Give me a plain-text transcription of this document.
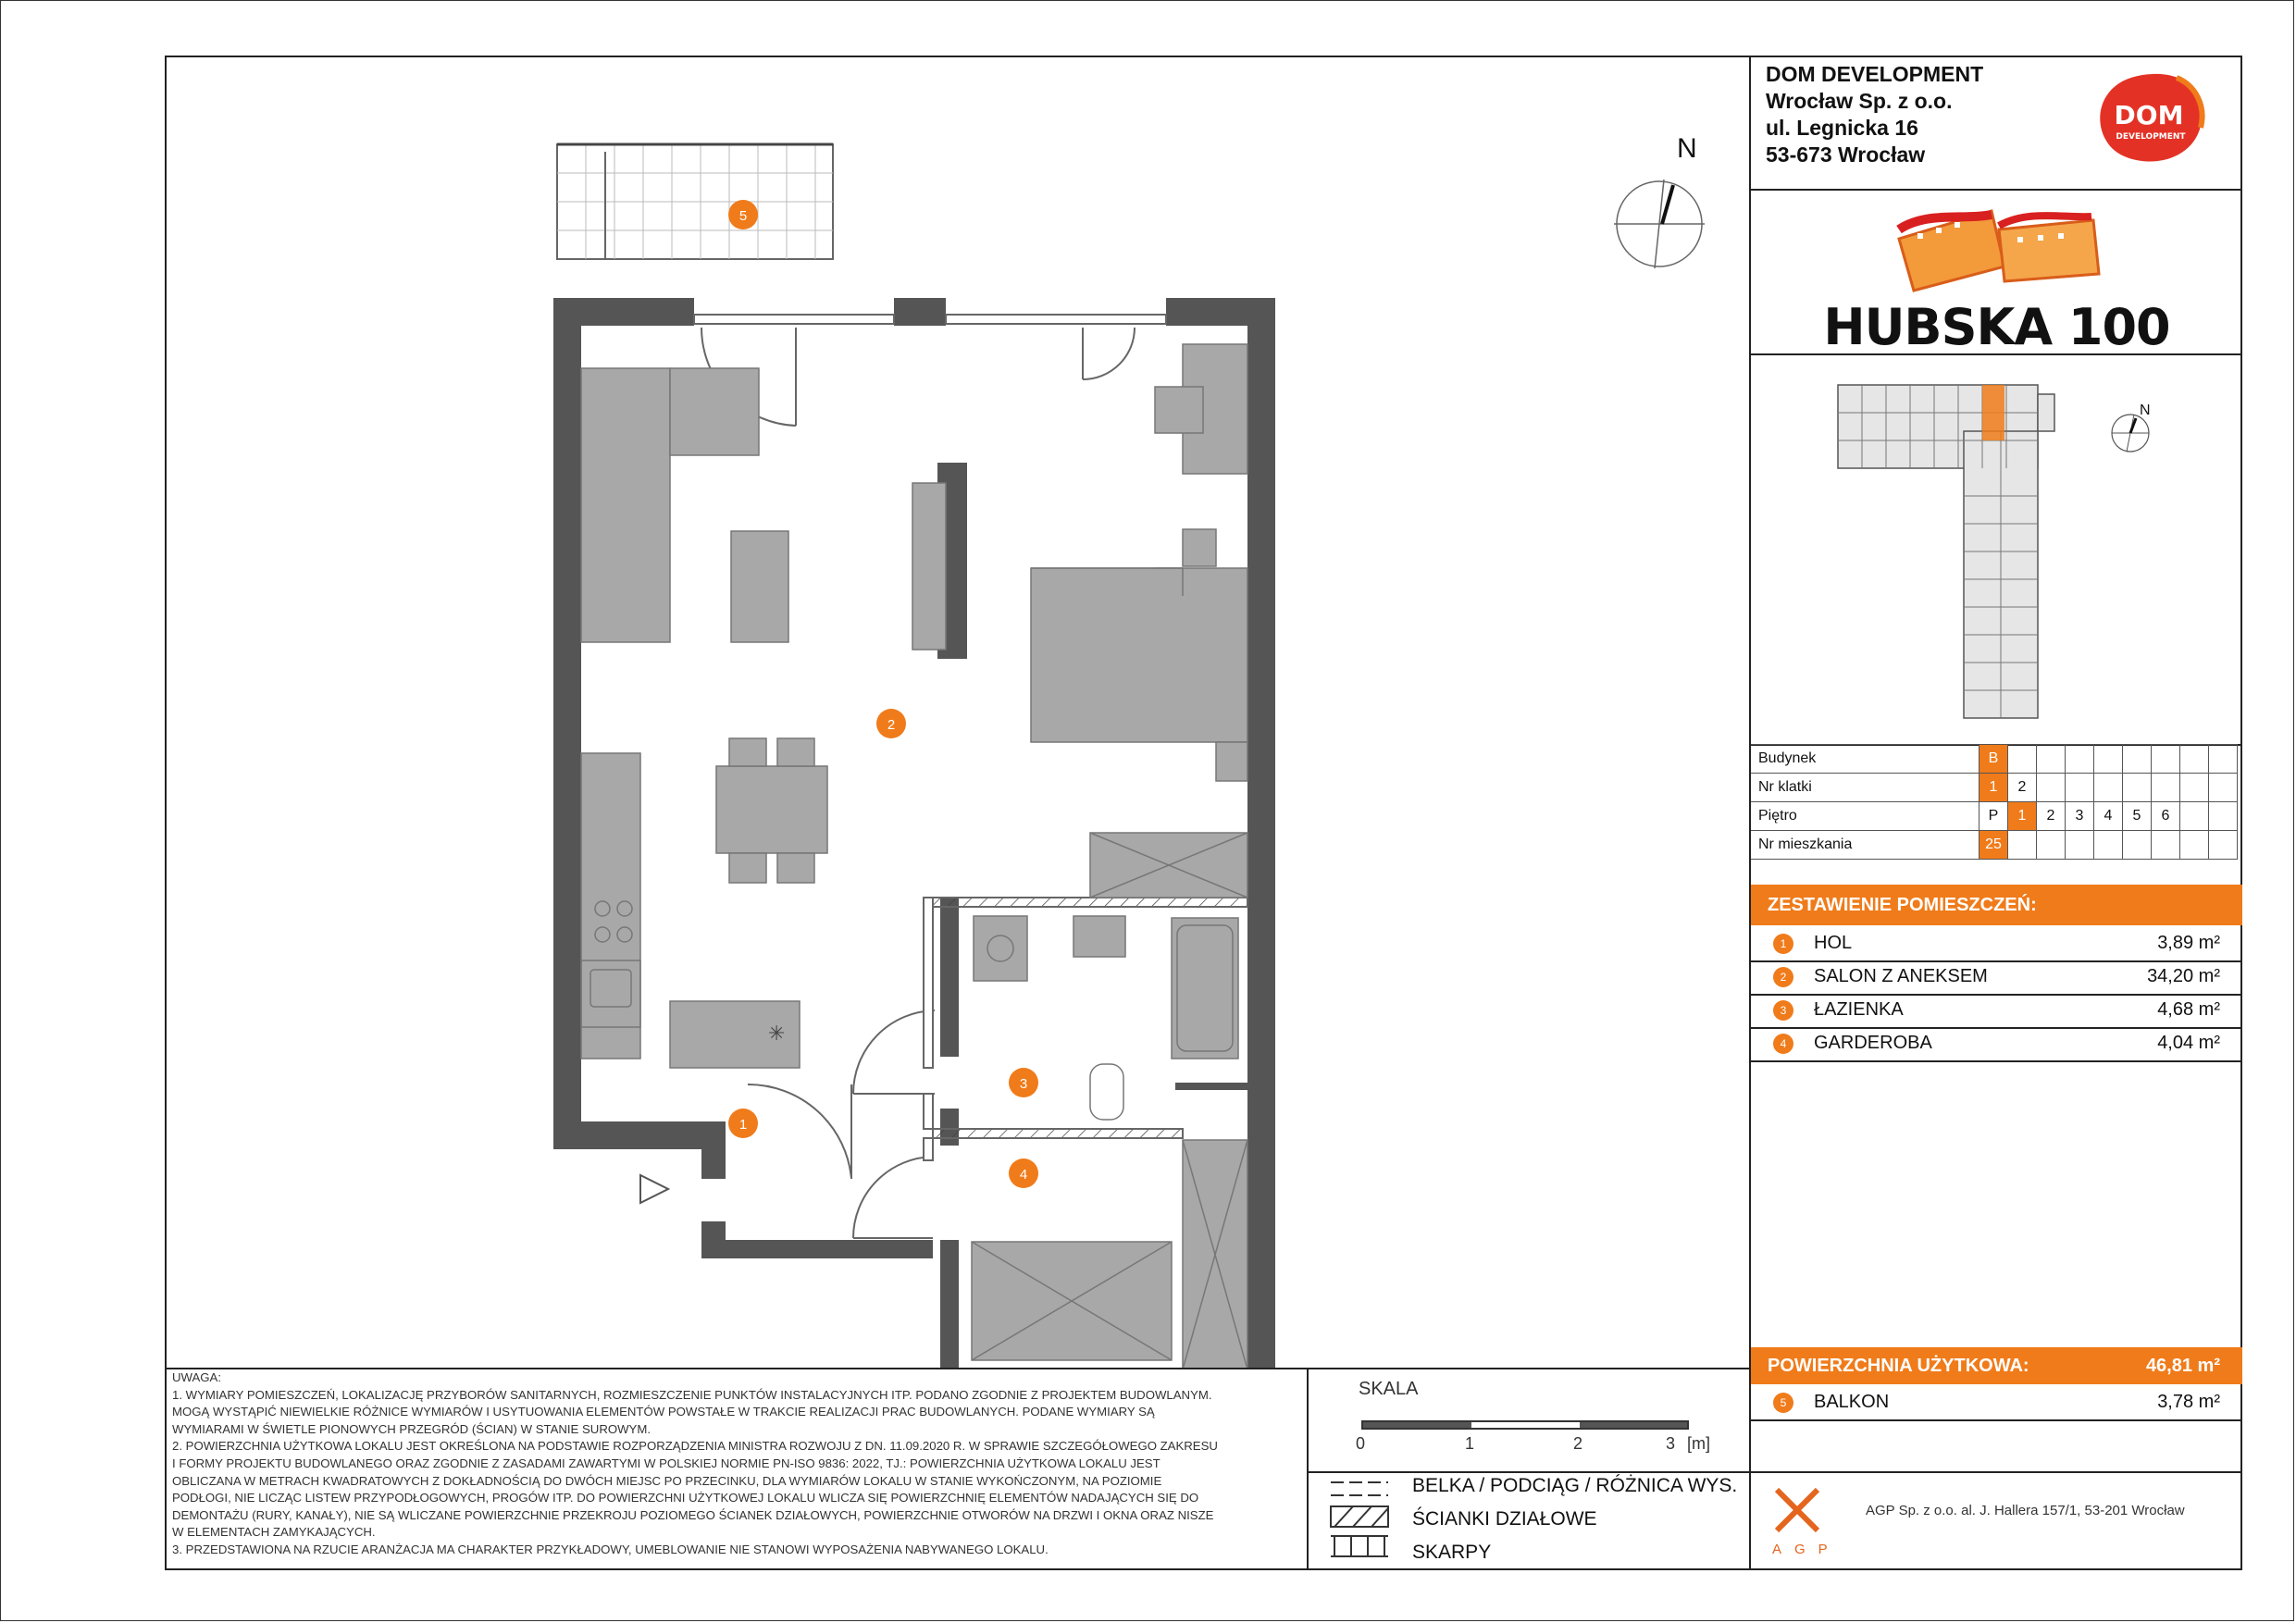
✳
N
1
2
3
4
5
UWAGA:
1. WYMIARY POMIESZCZEŃ, LOKALIZACJĘ PRZYBORÓW SANITARNYCH, ROZMIESZCZENIE PUNKTÓW INSTALACYJNYCH ITP. PODANO ZGODNIE Z PROJEKTEM BUDOWLANYM.
MOGĄ WYSTĄPIĆ NIEWIELKIE RÓŻNICE WYMIARÓW I USYTUOWANIA ELEMENTÓW POWSTAŁE W TRAKCIE REALIZACJI PRAC BUDOWLANYCH. PODANE WYMIARY SĄ
WYMIARAMI W ŚWIETLE PIONOWYCH PRZEGRÓD (ŚCIAN) W STANIE SUROWYM.
2. POWIERZCHNIA UŻYTKOWA LOKALU JEST OKREŚLONA NA PODSTAWIE ROZPORZĄDZENIA MINISTRA ROZWOJU Z DN. 11.09.2020 R. W SPRAWIE SZCZEGÓŁOWEGO ZAKRESU
I FORMY PROJEKTU BUDOWLANEGO ORAZ ZGODNIE Z ZASADAMI ZAWARTYMI W POLSKIEJ NORMIE PN-ISO 9836: 2022, TJ.: POWIERZCHNIA UŻYTKOWA LOKALU JEST
OBLICZANA W METRACH KWADRATOWYCH Z DOKŁADNOŚCIĄ DO DWÓCH MIEJSC PO PRZECINKU, DLA WYMIARÓW LOKALU W STANIE WYKOŃCZONYM, NA POZIOMIE
PODŁOGI, NIE LICZĄC LISTEW PRZYPODŁOGOWYCH, PROGÓW ITP. DO POWIERZCHNI UŻYTKOWEJ LOKALU WLICZA SIĘ POWIERZCHNIĘ ELEMENTÓW NADAJĄCYCH SIĘ DO
DEMONTAŻU (RURY, KANAŁY), NIE SĄ WLICZANE POWIERZCHNIE PRZEKROJU POZIOMEGO ŚCIANEK DZIAŁOWYCH, POWIERZCHNIE OTWORÓW NA DRZWI I OKNA ORAZ NISZE
W ELEMENTACH ZAMYKAJĄCYCH.
3. PRZEDSTAWIONA NA RZUCIE ARANŻACJA MA CHARAKTER PRZYKŁADOWY, UMEBLOWANIE NIE STANOWI WYPOSAŻENIA NABYWANEGO LOKALU.
SKALA
0	1	2	3 [m]
BELKA / PODCIĄG / RÓŻNICA WYS.
ŚCIANKI DZIAŁOWE
SKARPY
DOM DEVELOPMENT
Wrocław Sp. z o.o.
ul. Legnicka 16
53-673 Wrocław
DOM
DEVELOPMENT
HUBSKA 100
N
Budynek	B								
Nr klatki	1	2							
Piętro	P	1	2	3	4	5	6		
Nr mieszkania	25								
ZESTAWIENIE POMIESZCZEŃ:
1	HOL	3,89 m²
2	SALON Z ANEKSEM	34,20 m²
3	ŁAZIENKA	4,68 m²
4	GARDEROBA	4,04 m²
POWIERZCHNIA UŻYTKOWA:	46,81 m²
5	BALKON	3,78 m²
AGP
AGP Sp. z o.o. al. J. Hallera 157/1, 53-201 Wrocław
